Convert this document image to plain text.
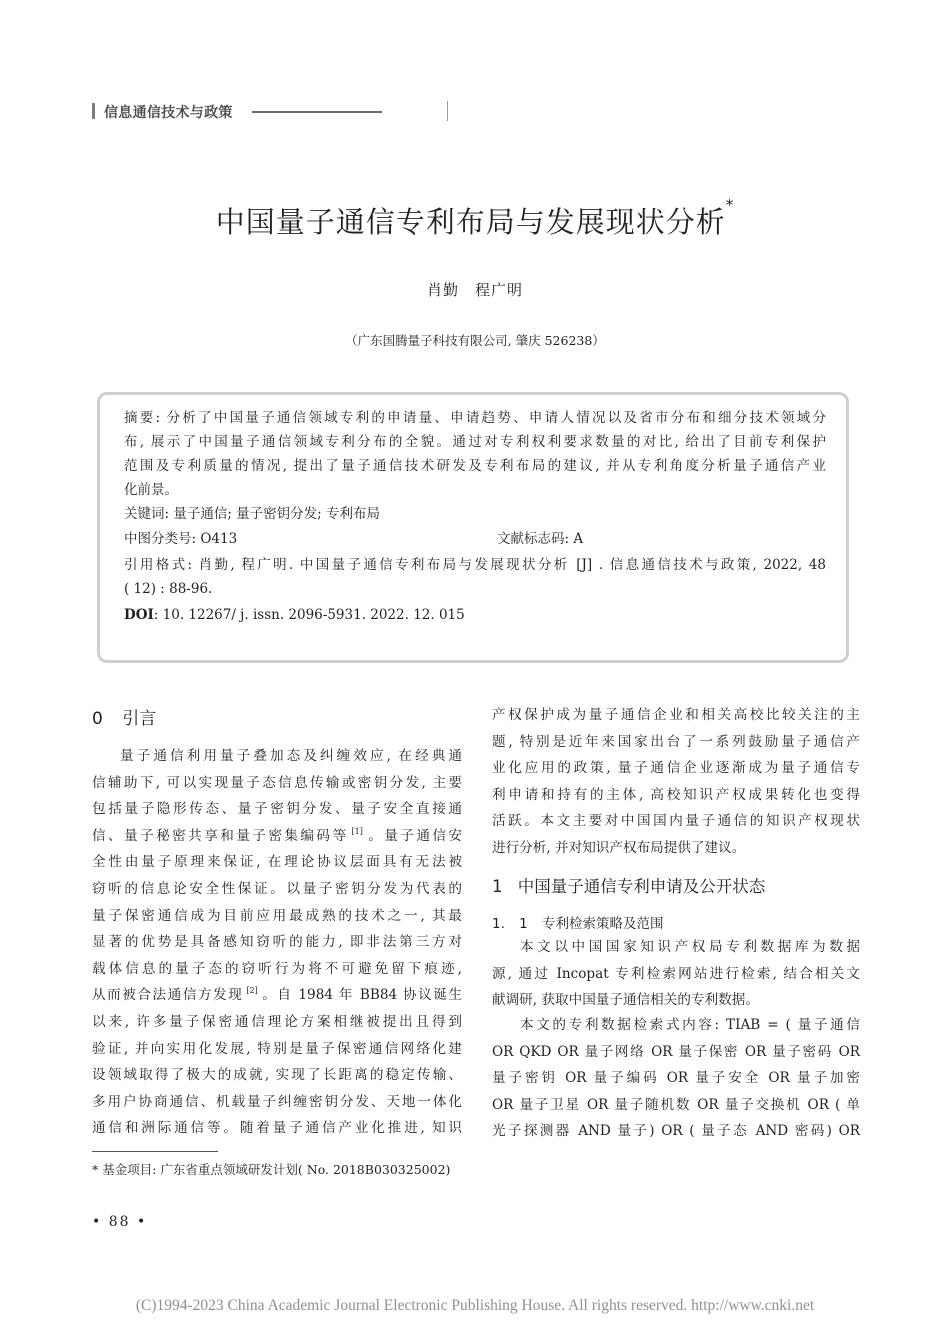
信息通信技术与政策
中国量子通信专利布局与发展现状分析*
肖勤　程广明
（广东国腾量子科技有限公司, 肇庆 526238）
摘要: 分析了中国量子通信领域专利的申请量、申请趋势、申请人情况以及省市分布和细分技术领域分
布, 展示了中国量子通信领域专利分布的全貌。通过对专利权利要求数量的对比, 给出了目前专利保护
范围及专利质量的情况, 提出了量子通信技术研发及专利布局的建议, 并从专利角度分析量子通信产业
化前景。
关键词: 量子通信; 量子密钥分发; 专利布局
中图分类号: O413	文献标志码: A
引用格式: 肖勤, 程广明. 中国量子通信专利布局与发展现状分析 [J] . 信息通信技术与政策, 2022, 48
( 12) : 88-96.
DOI: 10. 12267/ j. issn. 2096-5931. 2022. 12. 015
0 引言
量子通信利用量子叠加态及纠缠效应, 在经典通
信辅助下, 可以实现量子态信息传输或密钥分发, 主要
包括量子隐形传态、量子密钥分发、量子安全直接通
信、量子秘密共享和量子密集编码等 [1] 。量子通信安
全性由量子原理来保证, 在理论协议层面具有无法被
窃听的信息论安全性保证。以量子密钥分发为代表的
量子保密通信成为目前应用最成熟的技术之一, 其最
显著的优势是具备感知窃听的能力, 即非法第三方对
载体信息的量子态的窃听行为将不可避免留下痕迹,
从而被合法通信方发现 [2] 。自 1984 年 BB84 协议诞生
以来, 许多量子保密通信理论方案相继被提出且得到
验证, 并向实用化发展, 特别是量子保密通信网络化建
设领域取得了极大的成就, 实现了长距离的稳定传输、
多用户协商通信、机载量子纠缠密钥分发、天地一体化
通信和洲际通信等。随着量子通信产业化推进, 知识
产权保护成为量子通信企业和相关高校比较关注的主
题, 特别是近年来国家出台了一系列鼓励量子通信产
业化应用的政策, 量子通信企业逐渐成为量子通信专
利申请和持有的主体, 高校知识产权成果转化也变得
活跃。本文主要对中国国内量子通信的知识产权现状
进行分析, 并对知识产权布局提供了建议。
1 中国量子通信专利申请及公开状态
1. 1 专利检索策略及范围
本文以中国国家知识产权局专利数据库为数据
源, 通过 Incopat 专利检索网站进行检索, 结合相关文
献调研, 获取中国量子通信相关的专利数据。
本文的专利数据检索式内容: TIAB = ( 量子通信
OR QKD OR 量子网络 OR 量子保密 OR 量子密码 OR
量子密钥 OR 量子编码 OR 量子安全 OR 量子加密
OR 量子卫星 OR 量子随机数 OR 量子交换机 OR ( 单
光子探测器 AND 量子) OR ( 量子态 AND 密码) OR
* 基金项目: 广东省重点领域研发计划( No. 2018B030325002)
• 88 •
(C)1994-2023 China Academic Journal Electronic Publishing House. All rights reserved. http://www.cnki.net
